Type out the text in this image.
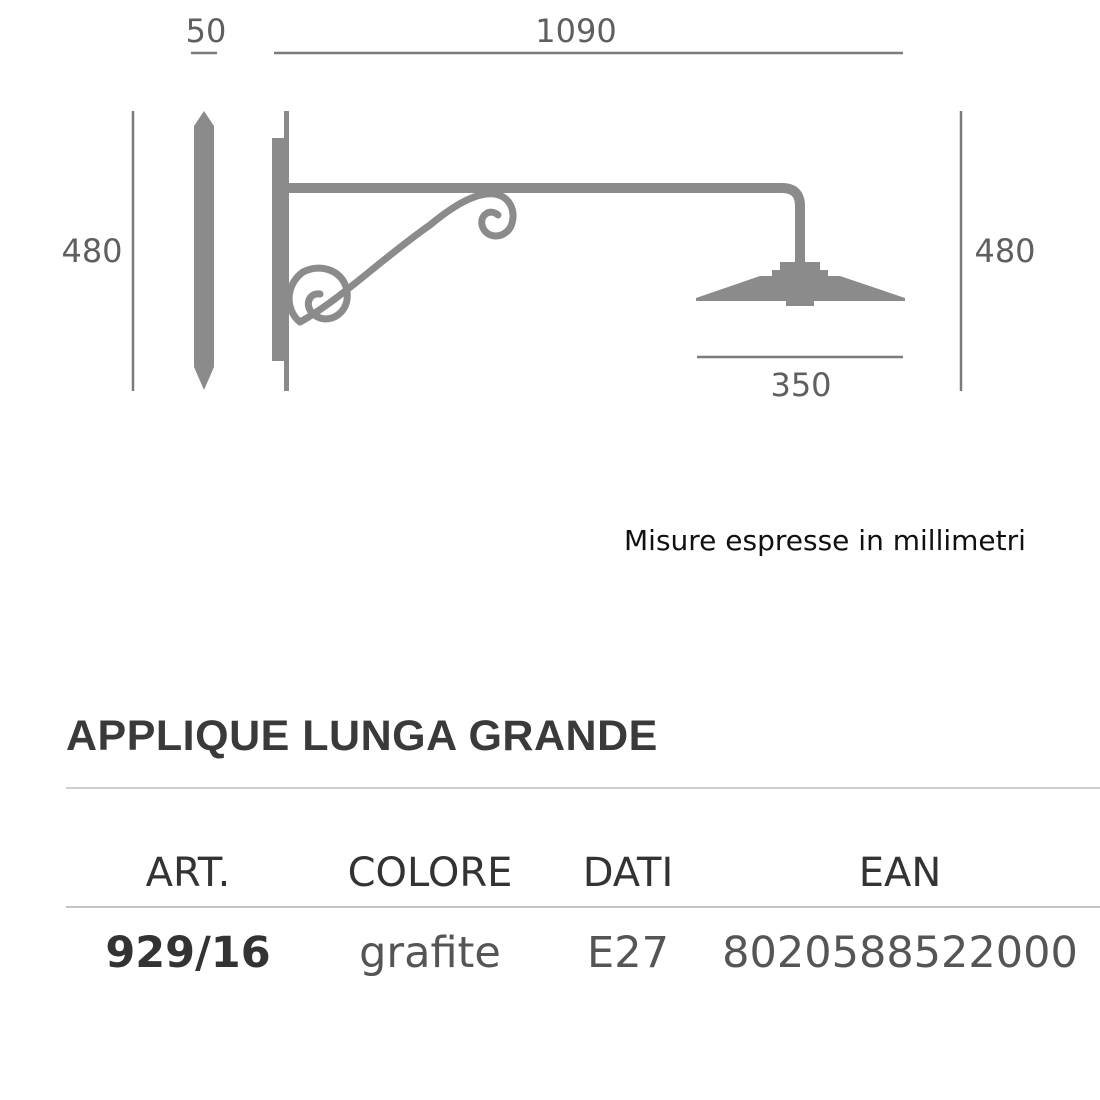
50	1090
480	480
350
Misure espresse in millimetri
APPLIQUE LUNGA GRANDE
ART.	COLORE	DATI	EAN
929/16	grafite	E27	8020588522000
